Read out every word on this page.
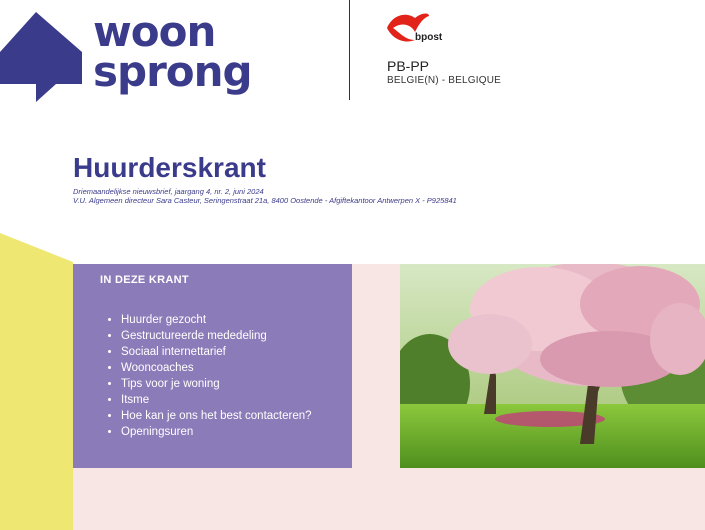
woon
sprong
bpost
PB-PP
BELGIE(N) - BELGIQUE
Huurderskrant
Driemaandelijkse nieuwsbrief, jaargang 4, nr. 2, juni 2024
V.U. Algemeen directeur Sara Casteur, Seringenstraat 21a, 8400 Oostende - Afgiftekantoor Antwerpen X - P925841
IN DEZE KRANT
• Huurder gezocht
• Gestructureerde mededeling
• Sociaal internettarief
• Wooncoaches
• Tips voor je woning
• Itsme
• Hoe kan je ons het best contacteren?
• Openingsuren
